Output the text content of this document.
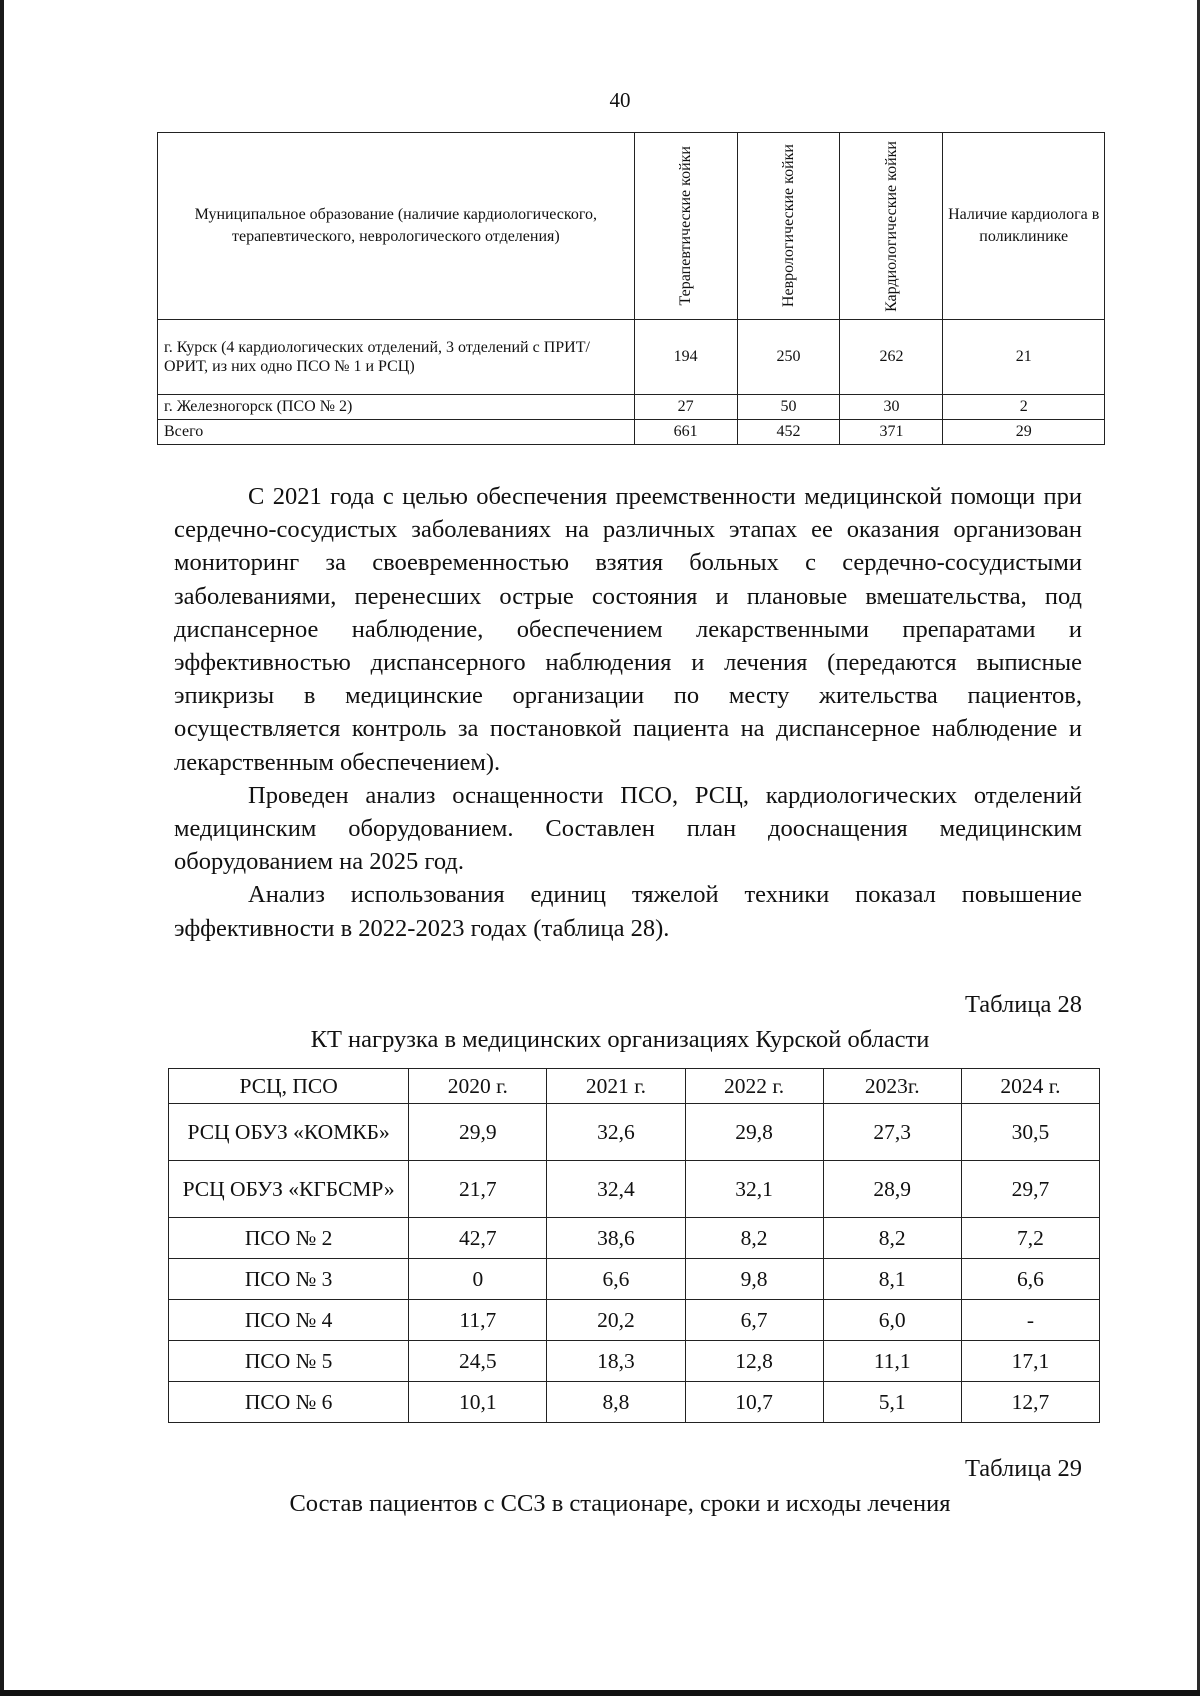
40
Муниципальное образование (наличие кардиологического, терапевтического, неврологического отделения)	Терапевтические койки	Неврологические койки	Кардиологические койки	Наличие кардиолога в поликлинике
г. Курск (4 кардиологических отделений, 3 отделений с ПРИТ/ОРИТ, из них одно ПСО № 1 и РСЦ)	194	250	262	21
г. Железногорск (ПСО № 2)	27	50	30	2
Всего	661	452	371	29

С 2021 года с целью обеспечения преемственности медицинской помощи при сердечно-сосудистых заболеваниях на различных этапах ее оказания организован мониторинг за своевременностью взятия больных с сердечно-сосудистыми заболеваниями, перенесших острые состояния и плановые вмешательства, под диспансерное наблюдение, обеспечением лекарственными препаратами и эффективностью диспансерного наблюдения и лечения (передаются выписные эпикризы в медицинские организации по месту жительства пациентов, осуществляется контроль за постановкой пациента на диспансерное наблюдение и лекарственным обеспечением).

Проведен анализ оснащенности ПСО, РСЦ, кардиологических отделений медицинским оборудованием. Составлен план дооснащения медицинским оборудованием на 2025 год.

Анализ использования единиц тяжелой техники показал повышение эффективности в 2022-2023 годах (таблица 28).

Таблица 28
КТ нагрузка в медицинских организациях Курской области
РСЦ, ПСО	2020 г.	2021 г.	2022 г.	2023г.	2024 г.
РСЦ ОБУЗ «КОМКБ»	29,9	32,6	29,8	27,3	30,5
РСЦ ОБУЗ «КГБСМР»	21,7	32,4	32,1	28,9	29,7
ПСО № 2	42,7	38,6	8,2	8,2	7,2
ПСО № 3	0	6,6	9,8	8,1	6,6
ПСО № 4	11,7	20,2	6,7	6,0	-
ПСО № 5	24,5	18,3	12,8	11,1	17,1
ПСО № 6	10,1	8,8	10,7	5,1	12,7
Таблица 29
Состав пациентов с ССЗ в стационаре, сроки и исходы лечения
